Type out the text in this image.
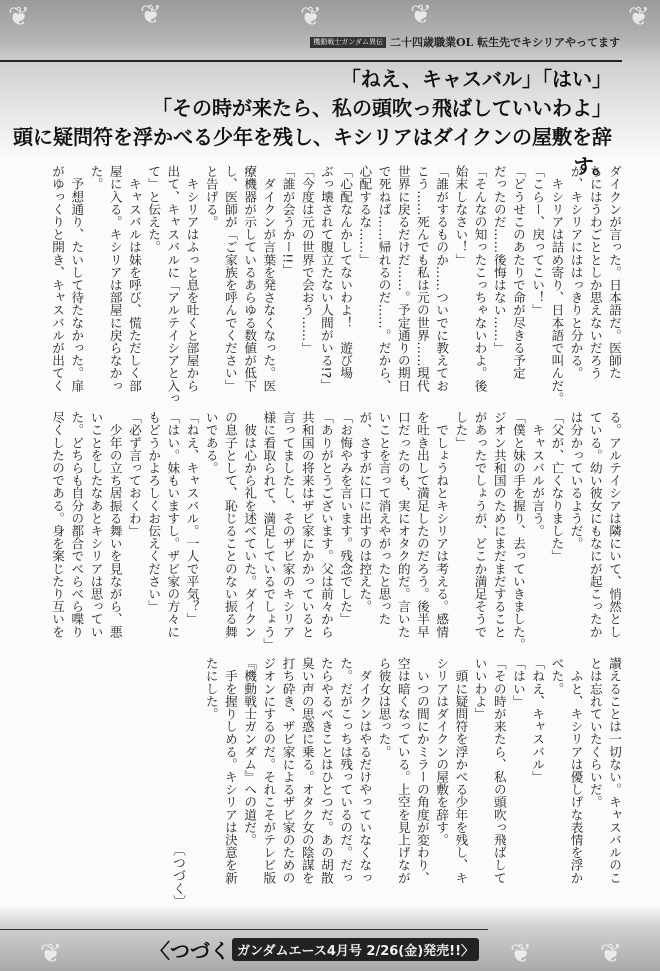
❦	❦	❦	❦	❦
❦	❦	❦
機動戦士ガンダム異伝 二十四歳職業OL 転生先でキシリアやってます
「ねえ、キャスバル」「はい」
「その時が来たら、私の頭吹っ飛ばしていいわよ」
頭に疑問符を浮かべる少年を残し、キシリアはダイクンの屋敷を辞す。
ダイクンが言った。日本語だ。医師た
ちにはうわごととしか思えないだろう
が、キシリアにははっきりと分かる。
　キシリアは詰め寄り、日本語で叫んだ。
「こらー、戻ってこい！」
「どうせこのあたりで命が尽きる予定
だったのだ……後悔はない……」
「そんなの知ったこっちゃないわよ。後
始末しなさい！」
「誰がするものか……ついでに教えてお
こう……死んでも私は元の世界……現代
世界に戻るだけだ……。予定通りの期日
で死ねば……帰れるのだ……。だから、
心配するな……」
「心配なんかしてないわよ！　遊び場
ぶっ壊されて腹立たない人間がいる!?」
「今度は元の世界で会おう……」
「誰が会うかー!!」
　ダイクンが言葉を発さなくなった。医
療機器が示しているあらゆる数値が低下
し、医師が「ご家族を呼んでください」
と告げる。
　キシリアはふっと息を吐くと部屋から
出て、キャスバルに「アルテイシアと入っ
て」と伝えた。
　キャスバルは妹を呼び、慌ただしく部
屋に入る。キシリアは部屋に戻らなかっ
た。
　予想通り、たいして待たなかった。扉
がゆっくりと開き、キャスバルが出てく
る。アルテイシアは隣にいて、悄然とし
ている。幼い彼女にもなにが起こったか
は分かっているようだ。
「父が、亡くなりました」
　キャスバルが言う。
「僕と妹の手を握り、去っていきました。
ジオン共和国のためにまだまだすること
があったでしょうが、どこか満足そうで
した」
　でしょうねとキシリアは考える。感情
を吐き出して満足したのだろう。後半早
口だったのも、実にオタク的だ。言いた
いことを言って消えやがったと思った
が、さすがに口に出すのは控えた。
「お悔やみを言います。残念でした」
「ありがとうございます。父は前々から
共和国の将来はザビ家にかかっていると
言ってましたし、そのザビ家のキシリア
様に看取られて、満足しているでしょう」
　彼は心から礼を述べていた。ダイクン
の息子として、恥じることのない振る舞
いである。
「ねえ、キャスバル。一人で平気？」
「はい。妹もいますし。ザビ家の方々に
もどうかよろしくお伝えください」
「必ず言っておくわ」
　少年の立ち居振る舞いを見ながら、悪
いことをしたなあとキシリアは思ってい
た。どちらも自分の都合でべらべら喋り
尽くしたのである。身を案じたり互いを
讃えることは一切ない。キャスバルのこ
とは忘れていたくらいだ。
　ふと、キシリアは優しげな表情を浮か
べた。
「ねえ、キャスバル」
「はい」
「その時が来たら、私の頭吹っ飛ばして
いいわよ」
　頭に疑問符を浮かべる少年を残し、キ
シリアはダイクンの屋敷を辞す。
　いつの間にかミラーの角度が変わり、
空は暗くなっている。上空を見上げなが
ら彼女は思った。
　ダイクンはやるだけやっていなくなっ
た。だがこっちは残っているのだ。だっ
たらやるべきことはひとつだ。あの胡散
臭い声の思惑に乗る。オタク女の陰謀を
打ち砕き、ザビ家によるザビ家のための
ジオンにするのだ。それこそがテレビ版
『機動戦士ガンダム』への道だ。
　手を握りしめる。キシリアは決意を新
たにした。
〔つづく〕
〈つづく ガンダムエース4月号 2/26(金)発売!!〉
